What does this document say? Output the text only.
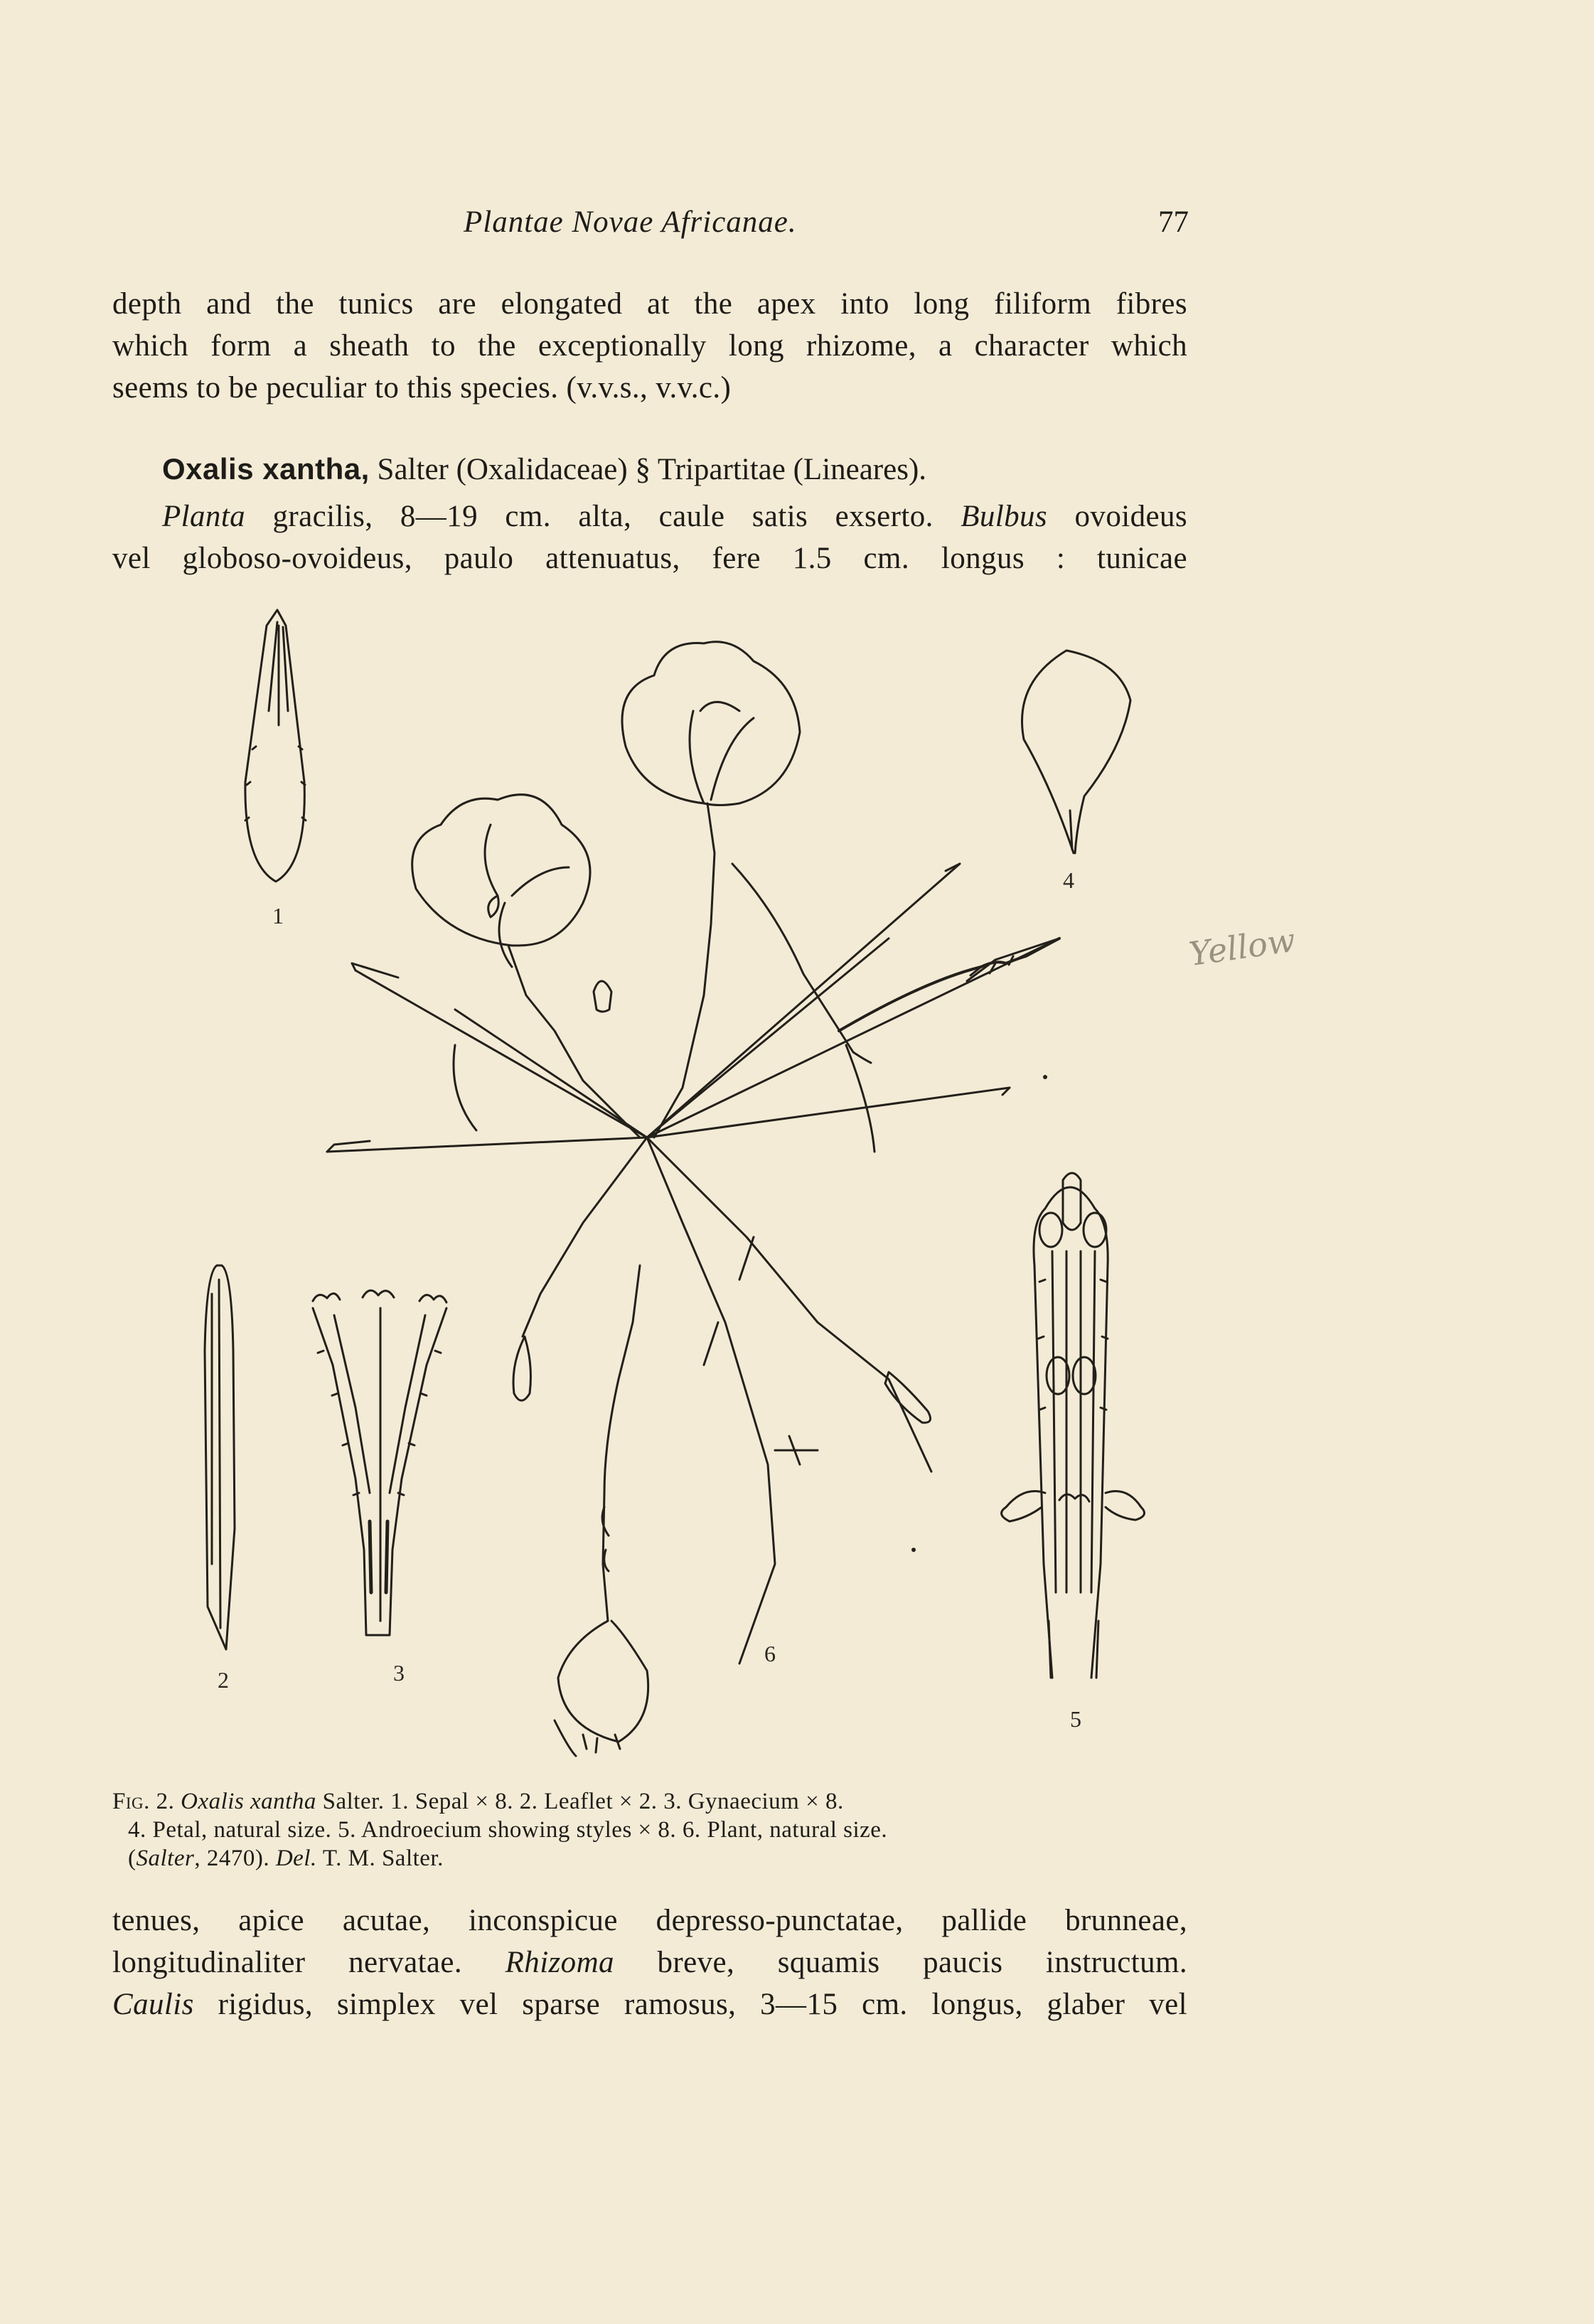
Plantae Novae Africanae.	77
depth and the tunics are elongated at the apex into long filiform fibres
which form a sheath to the exceptionally long rhizome, a character which
seems to be peculiar to this species. (v.v.s., v.v.c.)
Oxalis xantha, Salter (Oxalidaceae) § Tripartitae (Lineares).
Planta gracilis, 8—19 cm. alta, caule satis exserto. Bulbus ovoideus
vel globoso-ovoideus, paulo attenuatus, fere 1.5 cm. longus : tunicae
1
2	3
4
5
6
Yellow
Fig. 2. Oxalis xantha Salter. 1. Sepal × 8. 2. Leaflet × 2. 3. Gynaecium × 8.
4. Petal, natural size. 5. Androecium showing styles × 8. 6. Plant, natural size.
(Salter, 2470). Del. T. M. Salter.
tenues, apice acutae, inconspicue depresso-punctatae, pallide brunneae,
longitudinaliter nervatae. Rhizoma breve, squamis paucis instructum.
Caulis rigidus, simplex vel sparse ramosus, 3—15 cm. longus, glaber vel
